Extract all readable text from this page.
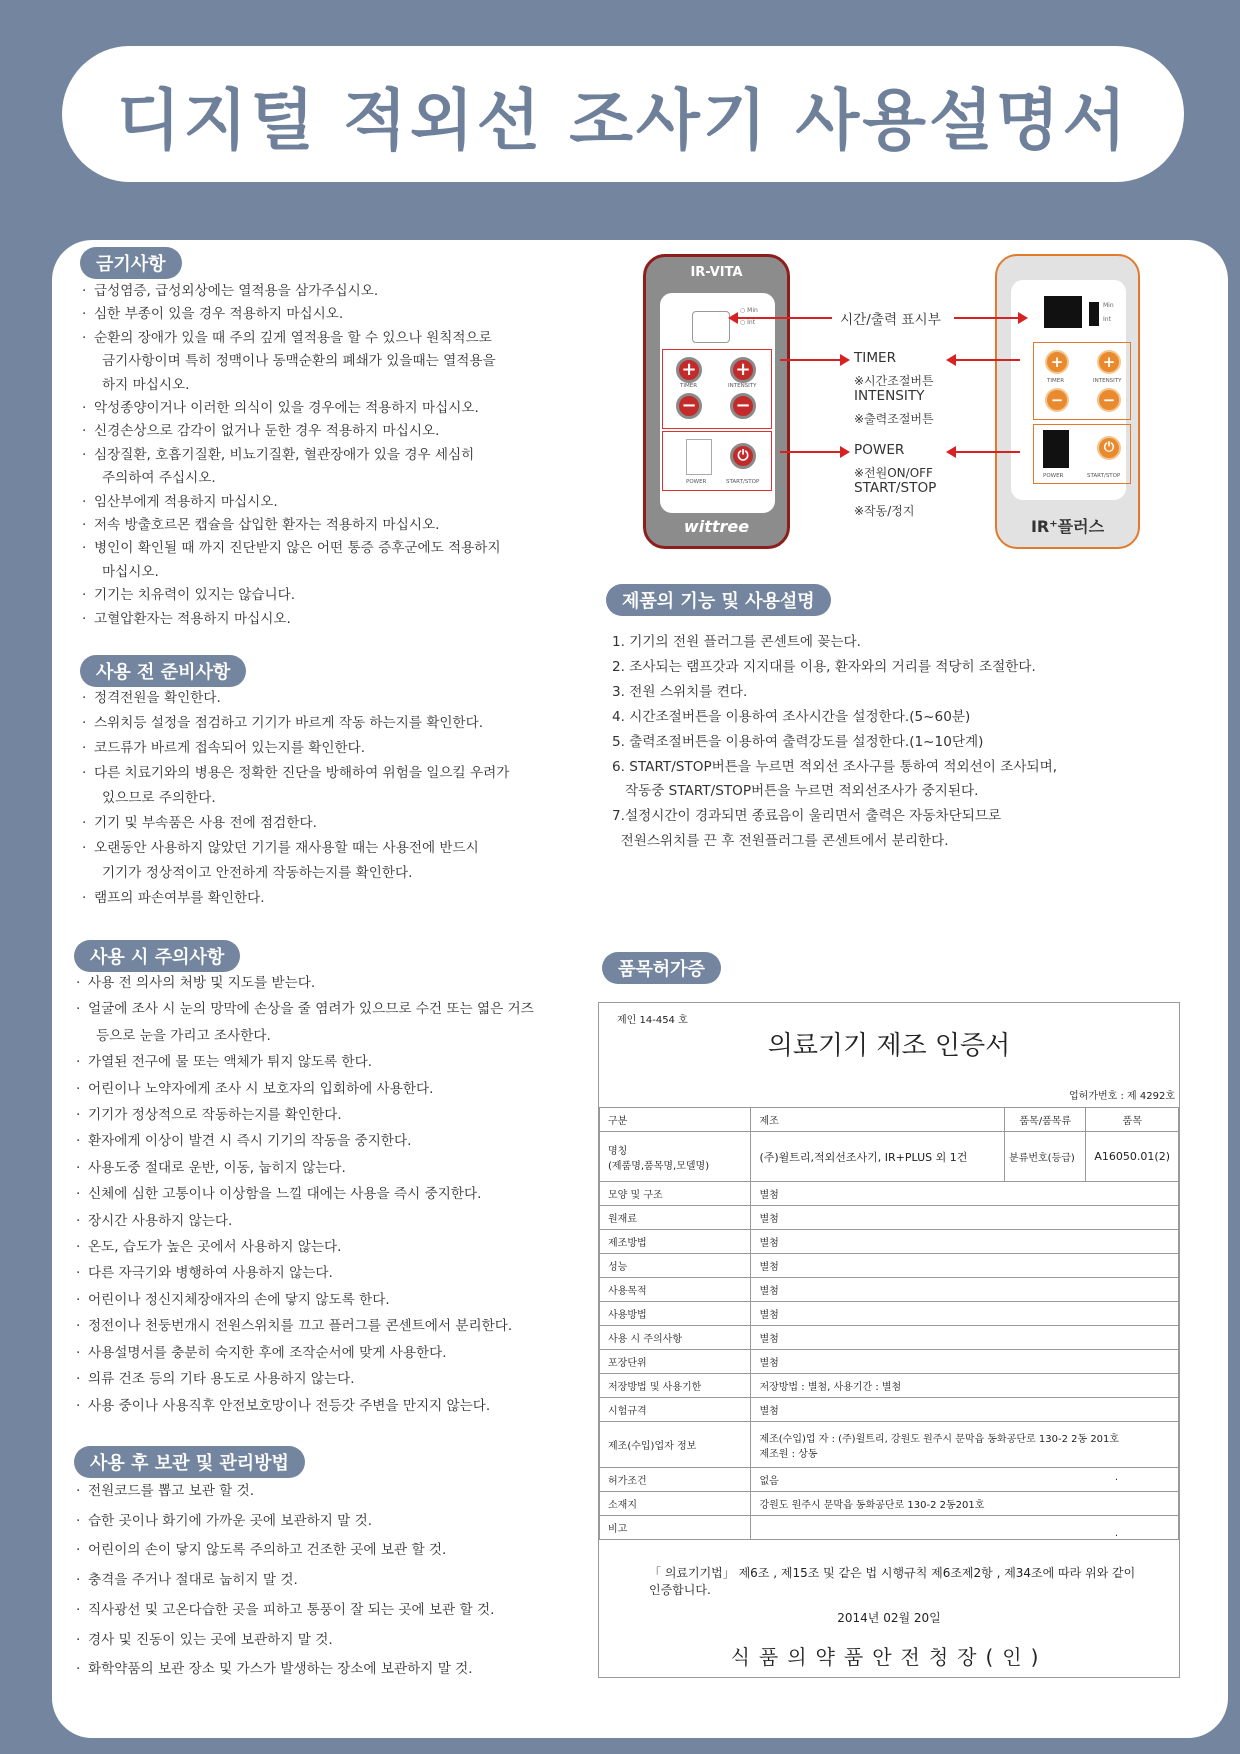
디지털 적외선 조사기 사용설명서
금기사항
· 급성염증, 급성외상에는 열적용을 삼가주십시오.
· 심한 부종이 있을 경우 적용하지 마십시오.
· 순환의 장애가 있을 때 주의 깊게 열적용을 할 수 있으나 원칙적으로
금기사항이며 특히 정맥이나 동맥순환의 폐쇄가 있을때는 열적용을
하지 마십시오.
· 악성종양이거나 이러한 의식이 있을 경우에는 적용하지 마십시오.
· 신경손상으로 감각이 없거나 둔한 경우 적용하지 마십시오.
· 심장질환, 호흡기질환, 비뇨기질환, 혈관장애가 있을 경우 세심히
주의하여 주십시오.
· 임산부에게 적용하지 마십시오.
· 저속 방출호르몬 캡슐을 삽입한 환자는 적용하지 마십시오.
· 병인이 확인될 때 까지 진단받지 않은 어떤 통증 증후군에도 적용하지
마십시오.
· 기기는 치유력이 있지는 않습니다.
· 고혈압환자는 적용하지 마십시오.
사용 전 준비사항
· 정격전원을 확인한다.
· 스위치등 설정을 점검하고 기기가 바르게 작동 하는지를 확인한다.
· 코드류가 바르게 접속되어 있는지를 확인한다.
· 다른 치료기와의 병용은 정확한 진단을 방해하여 위험을 일으킬 우려가
있으므로 주의한다.
· 기기 및 부속품은 사용 전에 점검한다.
· 오랜동안 사용하지 않았던 기기를 재사용할 때는 사용전에 반드시
기기가 정상적이고 안전하게 작동하는지를 확인한다.
· 램프의 파손여부를 확인한다.
사용 시 주의사항
· 사용 전 의사의 처방 및 지도를 받는다.
· 얼굴에 조사 시 눈의 망막에 손상을 줄 염려가 있으므로 수건 또는 엷은 거즈
등으로 눈을 가리고 조사한다.
· 가열된 전구에 물 또는 액체가 튀지 않도록 한다.
· 어린이나 노약자에게 조사 시 보호자의 입회하에 사용한다.
· 기기가 정상적으로 작동하는지를 확인한다.
· 환자에게 이상이 발견 시 즉시 기기의 작동을 중지한다.
· 사용도중 절대로 운반, 이동, 눕히지 않는다.
· 신체에 심한 고통이나 이상함을 느낄 대에는 사용을 즉시 중지한다.
· 장시간 사용하지 않는다.
· 온도, 습도가 높은 곳에서 사용하지 않는다.
· 다른 자극기와 병행하여 사용하지 않는다.
· 어린이나 정신지체장애자의 손에 닿지 않도록 한다.
· 정전이나 천둥번개시 전원스위치를 끄고 플러그를 콘센트에서 분리한다.
· 사용설명서를 충분히 숙지한 후에 조작순서에 맞게 사용한다.
· 의류 건조 등의 기타 용도로 사용하지 않는다.
· 사용 중이나 사용직후 안전보호망이나 전등갓 주변을 만지지 않는다.
사용 후 보관 및 관리방법
· 전원코드를 뽑고 보관 할 것.
· 습한 곳이나 화기에 가까운 곳에 보관하지 말 것.
· 어린이의 손이 닿지 않도록 주의하고 건조한 곳에 보관 할 것.
· 충격을 주거나 절대로 눕히지 말 것.
· 직사광선 및 고온다습한 곳을 피하고 통풍이 잘 되는 곳에 보관 할 것.
· 경사 및 진동이 있는 곳에 보관하지 말 것.
· 화학약품의 보관 장소 및 가스가 발생하는 장소에 보관하지 말 것.
IR-VITA
○ Min
○ Int
+
−
TIMER
+
−
INTENSITY
⏻
POWER	START/STOP
wittree
Min
Int
+
−
TIMER
+
−
INTENSITY
⏻
POWER	START/STOP
IR⁺플러스
시간/출력 표시부
TIMER
※시간조절버튼
INTENSITY
※출력조절버튼
POWER
※전원ON/OFF
START/STOP
※작동/정지
제품의 기능 및 사용설명
1. 기기의 전원 플러그를 콘센트에 꽂는다.
2. 조사되는 램프갓과 지지대를 이용, 환자와의 거리를 적당히 조절한다.
3. 전원 스위치를 켠다.
4. 시간조절버튼을 이용하여 조사시간을 설정한다.(5~60분)
5. 출력조절버튼을 이용하여 출력강도를 설정한다.(1~10단계)
6. START/STOP버튼을 누르면 적외선 조사구를 통하여 적외선이 조사되며,
작동중 START/STOP버튼을 누르면 적외선조사가 중지된다.
7.설정시간이 경과되면 종료음이 울리면서 출력은 자동차단되므로
전원스위치를 끈 후 전원플러그를 콘센트에서 분리한다.
품목허가증
제인 14-454 호
의료기기 제조 인증서
업허가번호 : 제 4292호
구분	제조	품목/품목류	품목

명칭
(제품명,품목명,모델명)	(주)윌트리,적외선조사기, IR+PLUS 외 1건	분류번호(등급)	A16050.01(2)
모양 및 구조	별첨		
원재료	별첨		
제조방법	별첨		
성능	별첨		
사용목적	별첨		
사용방법	별첨		
사용 시 주의사항	별첨		
포장단위	별첨		
저장방법 및 사용기한	저장방법 : 별첨, 사용기간 : 별첨		
시험규격	별첨		
제조(수입)업자 정보	제조(수입)업 자 : (주)윌트리, 강원도 원주시 문막읍 동화공단로 130-2 2동 201호
제조원 : 상동		

허가조건	없음 .		

소재지	강원도 원주시 문막읍 동화공단로 130-2 2동201호		

비고	.		
「 의료기기법」 제6조 , 제15조 및 같은 법 시행규칙 제6조제2항 , 제34조에 따라 위와 같이 인증합니다.
2014년 02월 20일
식품의약품안전청장(인)
